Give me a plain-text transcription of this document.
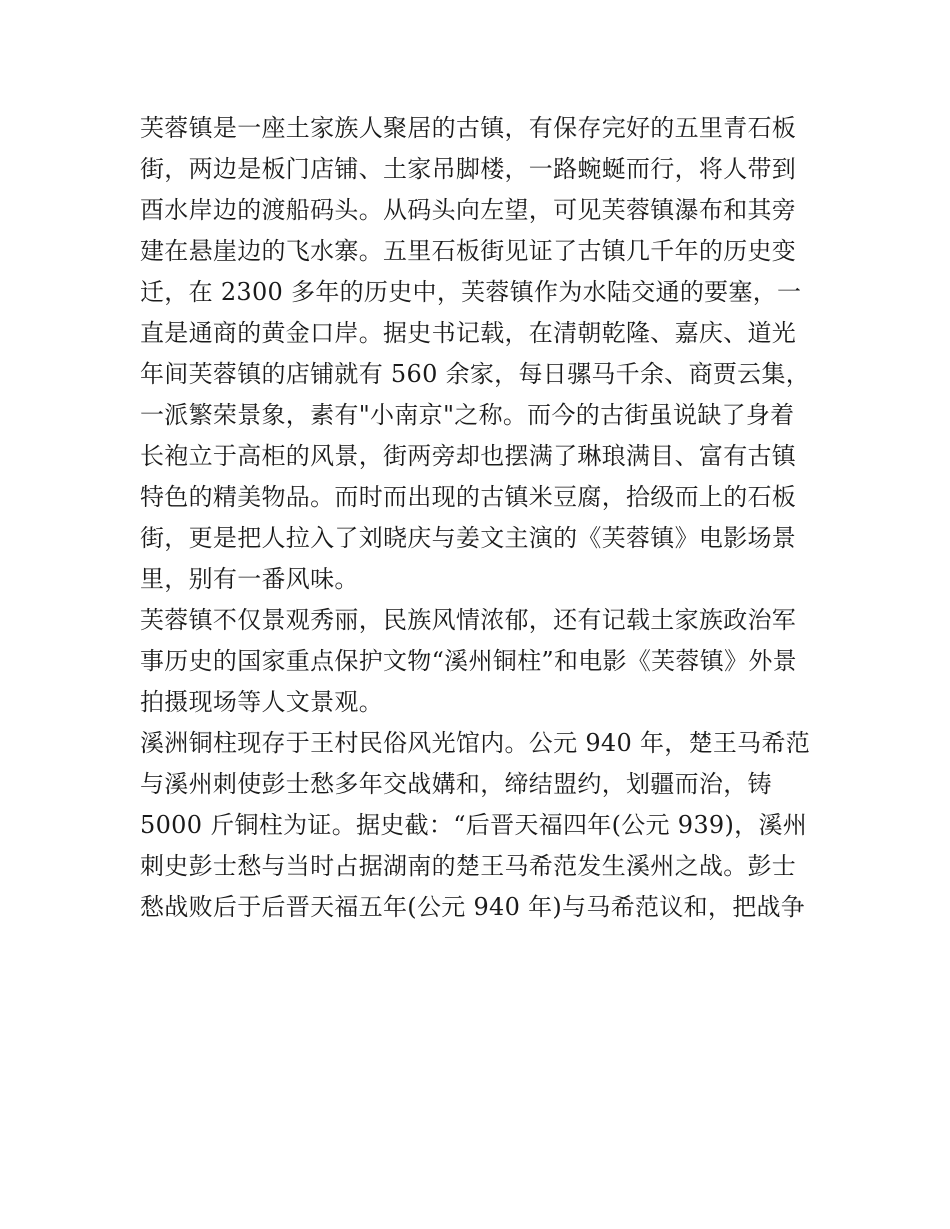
芙蓉镇是一座土家族人聚居的古镇，有保存完好的五里青石板
街，两边是板门店铺、土家吊脚楼，一路蜿蜒而行，将人带到
酉水岸边的渡船码头。从码头向左望，可见芙蓉镇瀑布和其旁
建在悬崖边的飞水寨。五里石板街见证了古镇几千年的历史变
迁，在 2300 多年的历史中，芙蓉镇作为水陆交通的要塞，一
直是通商的黄金口岸。据史书记载，在清朝乾隆、嘉庆、道光
年间芙蓉镇的店铺就有 560 余家，每日骡马千余、商贾云集，
一派繁荣景象，素有"小南京"之称。而今的古街虽说缺了身着
长袍立于高柜的风景，街两旁却也摆满了琳琅满目、富有古镇
特色的精美物品。而时而出现的古镇米豆腐，拾级而上的石板
街，更是把人拉入了刘晓庆与姜文主演的《芙蓉镇》电影场景
里，别有一番风味。

芙蓉镇不仅景观秀丽，民族风情浓郁，还有记载土家族政治军
事历史的国家重点保护文物“溪州铜柱”和电影《芙蓉镇》外景
拍摄现场等人文景观。

溪洲铜柱现存于王村民俗风光馆内。公元 940 年，楚王马希范
与溪州刺使彭士愁多年交战媾和，缔结盟约，划疆而治，铸
5000 斤铜柱为证。据史截：“后晋天福四年(公元 939)，溪州
刺史彭士愁与当时占据湖南的楚王马希范发生溪州之战。彭士
愁战败后于后晋天福五年(公元 940 年)与马希范议和，把战争
